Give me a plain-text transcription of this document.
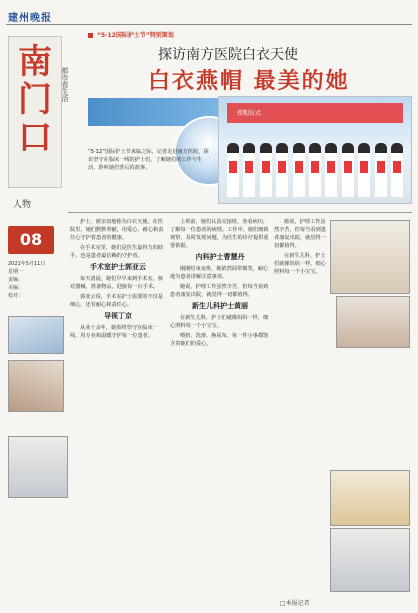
建州晚报
南门口
都市看生活
人物
08
2021年5月11日
星期一
责编：
美编：
校对：
“5·12国际护士节”特别策划
探访南方医院白衣天使
白衣燕帽 最美的她
授帽仪式
“5·12”国际护士节来临之际，记者走进南方医院，探访坚守在临床一线的护士们，了解她们的工作与生活，聆听她们背后的故事。

护士，被亲切地称为白衣天使。在医院里，她们默默奉献，用爱心、耐心和责任心守护着患者的健康。

在手术室里，她们是医生最得力的助手，也是患者最信赖的守护者。

手术室护士郭亚云

每天清晨，她们早早来到手术室，核对器械，准备物品，迎接每一台手术。

郭亚云说，手术室护士需要的不仅是细心，还有耐心和责任心。

导视丁京

从业十余年，她始终坚守在临床一线，用专业和温暖守护每一位患者。

上班前，她们认真交接班，查看病历，了解每一位患者的病情。工作中，她们细致观察，及时发现问题，为医生的诊疗提供重要依据。

内科护士曹慧丹

刚刚结束夜班，她依然面带微笑，耐心地为患者讲解注意事项。

她说，护理工作虽然辛苦，但每当看到患者康复出院，就觉得一切都值得。

新生儿科护士黄丽

在新生儿科，护士们就像妈妈一样，细心照料每一个小宝宝。

喂奶、洗澡、换尿布，每一件小事都饱含着她们的爱心。

她说，护理工作虽然辛苦，但每当看到患者康复出院，就觉得一切都值得。

在新生儿科，护士们就像妈妈一样，细心照料每一个小宝宝。

□本报记者
